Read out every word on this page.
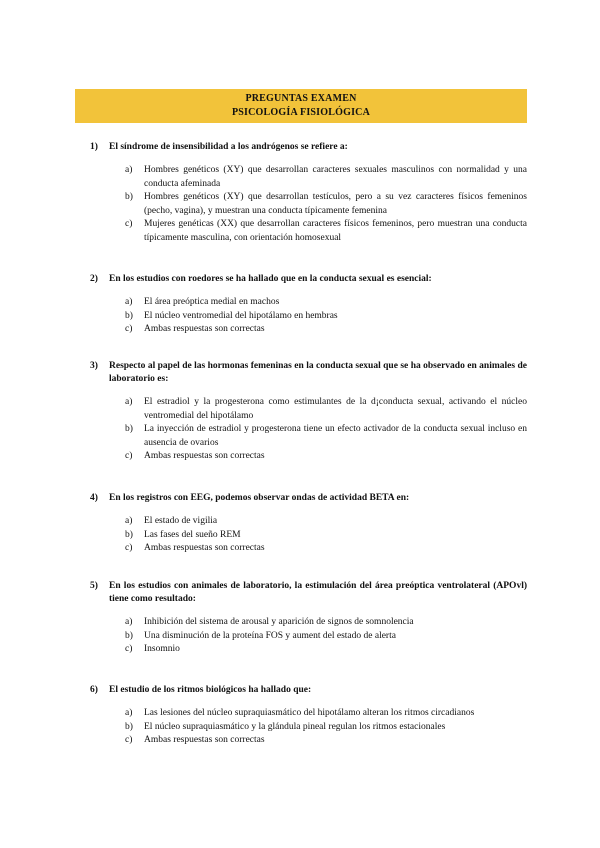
PREGUNTAS EXAMEN
PSICOLOGÍA FISIOLÓGICA
1)	El síndrome de insensibilidad a los andrógenos se refiere a:
a)	Hombres genéticos (XY) que desarrollan caracteres sexuales masculinos con normalidad y una conducta afeminada
b)	Hombres genéticos (XY) que desarrollan testículos, pero a su vez caracteres físicos femeninos (pecho, vagina), y muestran una conducta típicamente femenina
c)	Mujeres genéticas (XX) que desarrollan caracteres físicos femeninos, pero muestran una conducta típicamente masculina, con orientación homosexual
2)	En los estudios con roedores se ha hallado que en la conducta sexual es esencial:
a)	El área preóptica medial en machos
b)	El núcleo ventromedial del hipotálamo en hembras
c)	Ambas respuestas son correctas
3)	Respecto al papel de las hormonas femeninas en la conducta sexual que se ha observado en animales de laboratorio es:
a)	El estradiol y la progesterona como estimulantes de la d¡conducta sexual, activando el núcleo ventromedial del hipotálamo
b)	La inyección de estradiol y progesterona tiene un efecto activador de la conducta sexual incluso en ausencia de ovarios
c)	Ambas respuestas son correctas
4)	En los registros con EEG, podemos observar ondas de actividad BETA en:
a)	El estado de vigilia
b)	Las fases del sueño REM
c)	Ambas respuestas son correctas
5)	En los estudios con animales de laboratorio, la estimulación del área preóptica ventrolateral (APOvl) tiene como resultado:
a)	Inhibición del sistema de arousal y aparición de signos de somnolencia
b)	Una disminución de la proteína FOS y aument del estado de alerta
c)	Insomnio
6)	El estudio de los ritmos biológicos ha hallado que:
a)	Las lesiones del núcleo supraquiasmático del hipotálamo alteran los ritmos circadianos
b)	El núcleo supraquiasmático y la glándula pineal regulan los ritmos estacionales
c)	Ambas respuestas son correctas
